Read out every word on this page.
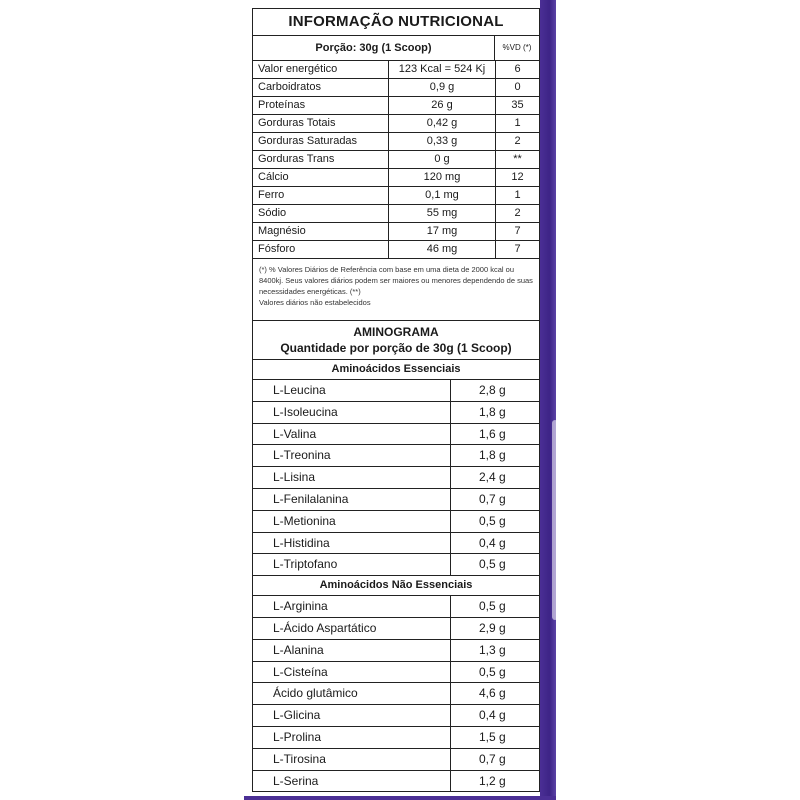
INFORMAÇÃO NUTRICIONAL
Porção: 30g (1 Scoop)	%VD (*)
Valor energético	123 Kcal = 524 Kj	6
Carboidratos	0,9 g	0
Proteínas	26 g	35
Gorduras Totais	0,42 g	1
Gorduras Saturadas	0,33 g	2
Gorduras Trans	0 g	**
Cálcio	120 mg	12
Ferro	0,1 mg	1
Sódio	55 mg	2
Magnésio	17 mg	7
Fósforo	46 mg	7
(*) % Valores Diários de Referência com base em uma dieta de 2000 kcal ou 8400kj. Seus valores diários podem ser maiores ou menores dependendo de suas necessidades energéticas. (**)
Valores diários não estabelecidos
AMINOGRAMA
Quantidade por porção de 30g (1 Scoop)
Aminoácidos Essenciais
L-Leucina	2,8 g
L-Isoleucina	1,8 g
L-Valina	1,6 g
L-Treonina	1,8 g
L-Lisina	2,4 g
L-Fenilalanina	0,7 g
L-Metionina	0,5 g
L-Histidina	0,4 g
L-Triptofano	0,5 g
Aminoácidos Não Essenciais
L-Arginina	0,5 g
L-Ácido Aspartático	2,9 g
L-Alanina	1,3 g
L-Cisteína	0,5 g
Ácido glutâmico	4,6 g
L-Glicina	0,4 g
L-Prolina	1,5 g
L-Tirosina	0,7 g
L-Serina	1,2 g
